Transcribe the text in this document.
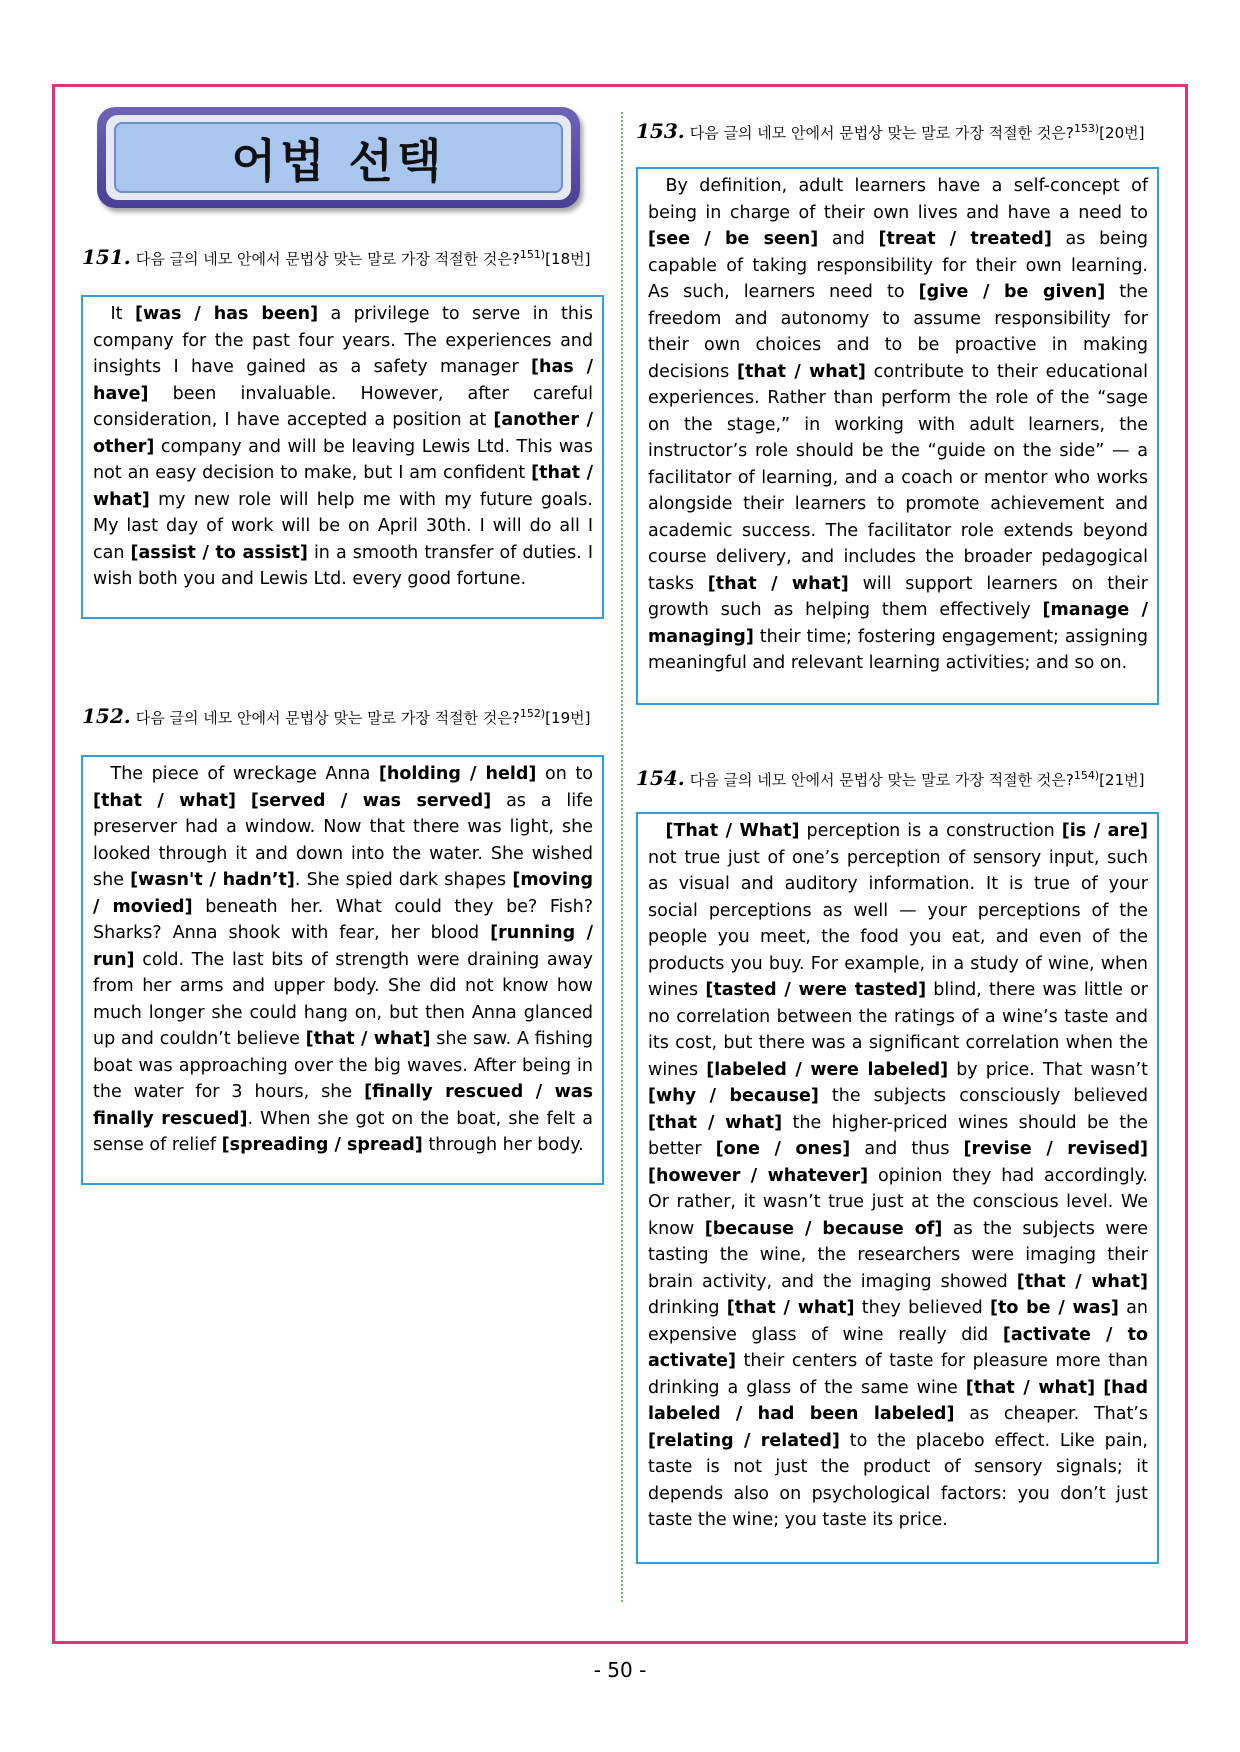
어법 선택
151. 다음 글의 네모 안에서 문법상 맞는 말로 가장 적절한 것은?$^{151)}$[18번]

It [was / has been] a privilege to serve in this company for the past four years. The experiences and insights I have gained as a safety manager [has / have] been invaluable. However, after careful consideration, I have accepted a position at [another / other] company and will be leaving Lewis Ltd. This was not an easy decision to make, but I am confident [that / what] my new role will help me with my future goals. My last day of work will be on April 30th. I will do all I can [assist / to assist] in a smooth transfer of duties. I wish both you and Lewis Ltd. every good fortune.

152. 다음 글의 네모 안에서 문법상 맞는 말로 가장 적절한 것은?$^{152)}$[19번]

The piece of wreckage Anna [holding / held] on to [that / what] [served / was served] as a life preserver had a window. Now that there was light, she looked through it and down into the water. She wished she [wasn't / hadn’t]. She spied dark shapes [moving / movied] beneath her. What could they be? Fish? Sharks? Anna shook with fear, her blood [running / run] cold. The last bits of strength were draining away from her arms and upper body. She did not know how much longer she could hang on, but then Anna glanced up and couldn’t believe [that / what] she saw. A fishing boat was approaching over the big waves. After being in the water for 3 hours, she [finally rescued / was finally rescued]. When she got on the boat, she felt a sense of relief [spreading / spread] through her body.

153. 다음 글의 네모 안에서 문법상 맞는 말로 가장 적절한 것은?$^{153)}$[20번]

By definition, adult learners have a self-concept of being in charge of their own lives and have a need to [see / be seen] and [treat / treated] as being capable of taking responsibility for their own learning. As such, learners need to [give / be given] the freedom and autonomy to assume responsibility for their own choices and to be proactive in making decisions [that / what] contribute to their educational experiences. Rather than perform the role of the “sage on the stage,” in working with adult learners, the instructor’s role should be the “guide on the side” — a facilitator of learning, and a coach or mentor who works alongside their learners to promote achievement and academic success. The facilitator role extends beyond course delivery, and includes the broader pedagogical tasks [that / what] will support learners on their growth such as helping them effectively [manage / managing] their time; fostering engagement; assigning meaningful and relevant learning activities; and so on.

154. 다음 글의 네모 안에서 문법상 맞는 말로 가장 적절한 것은?$^{154)}$[21번]

[That / What] perception is a construction [is / are] not true just of one’s perception of sensory input, such as visual and auditory information. It is true of your social perceptions as well — your perceptions of the people you meet, the food you eat, and even of the products you buy. For example, in a study of wine, when wines [tasted / were tasted] blind, there was little or no correlation between the ratings of a wine’s taste and its cost, but there was a significant correlation when the wines [labeled / were labeled] by price. That wasn’t [why / because] the subjects consciously believed [that / what] the higher-priced wines should be the better [one / ones] and thus [revise / revised] [however / whatever] opinion they had accordingly. Or rather, it wasn’t true just at the conscious level. We know [because / because of] as the subjects were tasting the wine, the researchers were imaging their brain activity, and the imaging showed [that / what] drinking [that / what] they believed [to be / was] an expensive glass of wine really did [activate / to activate] their centers of taste for pleasure more than drinking a glass of the same wine [that / what] [had labeled / had been labeled] as cheaper. That’s [relating / related] to the placebo effect. Like pain, taste is not just the product of sensory signals; it depends also on psychological factors: you don’t just taste the wine; you taste its price.

- 50 -
